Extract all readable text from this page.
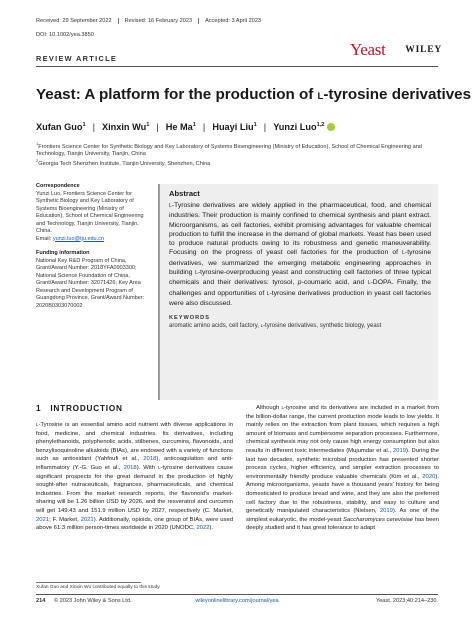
Received: 29 September 2022	Revised: 16 February 2023	Accepted: 3 April 2023
DOI: 10.1002/yea.3850
Yeast WILEY
REVIEW ARTICLE
Yeast: A platform for the production of L-tyrosine derivatives
Xufan Guo$^1$ | Xinxin Wu$^1$ | He Ma$^1$ | Huayi Liu$^1$ | Yunzi Luo$^{1,2}$
$^1$Frontiers Science Center for Synthetic Biology and Key Laboratory of Systems Bioengineering (Ministry of Education), School of Chemical Engineering and Technology, Tianjin University, Tianjin, China
$^2$Georgia Tech Shenzhen Institute, Tianjin University, Shenzhen, China
Correspondence
Yunzi Luo, Frontiers Science Center for Synthetic Biology and Key Laboratory of Systems Bioengineering (Ministry of Education), School of Chemical Engineering and Technology, Tianjin University, Tianjin, China.
Email: yunzi.luo@tju.edu.cn
Funding information
National Key R&D Program of China, Grant/Award Number: 2018YFA0903300; National Science Foundation of China, Grant/Award Number: 32071426; Key Area Research and Development Program of Guangdong Province, Grant/Award Number: 2020B0303070002
Abstract

L-Tyrosine derivatives are widely applied in the pharmaceutical, food, and chemical industries. Their production is mainly confined to chemical synthesis and plant extract. Microorganisms, as cell factories, exhibit promising advantages for valuable chemical production to fulfill the increase in the demand of global markets. Yeast has been used to produce natural products owing to its robustness and genetic maneuverability. Focusing on the progress of yeast cell factories for the production of L-tyrosine derivatives, we summarized the emerging metabolic engineering approaches in building L-tyrosine-overproducing yeast and constructing cell factories of three typical chemicals and their derivatives: tyrosol, p-coumaric acid, and L-DOPA. Finally, the challenges and opportunities of L-tyrosine derivatives production in yeast cell factories were also discussed.

KEYWORDS
aromatic amino acids, cell factory, L-tyrosine derivatives, synthetic biology, yeast
1 INTRODUCTION

L-Tyrosine is an essential amino acid nutrient with diverse applications in food, medicine, and chemical industries. Its derivatives, including phenylethanoids, polyphenolic acids, stilbenes, curcumins, flavonoids, and benzylisoquinoline alkaloids (BIAs), are endowed with a variety of functions such as antioxidant (Yahfoufi et al., 2018), anticoagulation and anti-inflammatory (Y.-G. Guo et al., 2018). With L-tyrosine derivatives cause significant prospects for the great demand in the production of highly sought-after nutraceuticals, fragrances, pharmaceuticals, and chemical industries. From the market research reports, the flavonoid's market-sharing will be 1.26 billion USD by 2026, and the resveratrol and curcumin will get 149.43 and 151.9 million USD by 2027, respectively (C. Market, 2021; F. Market, 2021). Additionally, opioids, one group of BIAs, were used above 61.3 million person-times worldwide in 2020 (UNODC, 2022).

Although L-tyrosine and its derivatives are included in a market from the billion-dollar range, the current production mode leads to low yields. It mainly relies on the extraction from plant tissues, which requires a high amount of biomass and cumbersome separation processes. Furthermore, chemical synthesis may not only cause high energy consumption but also results in different toxic intermediates (Mujumdar et al., 2019). During the last two decades, synthetic microbial production has presented shorter process cycles, higher efficiency, and simpler extraction processes to environmentally friendly produce valuable chemicals (Kim et al., 2020). Among microorganisms, yeasts have a thousand years' history for being domesticated to produce bread and wine, and they are also the preferred cell factory due to the robustness, stability, and easy to culture and genetically manipulated characteristics (Nielsen, 2019). As one of the simplest eukaryotic, the model-yeast Saccharomyces cerevisiae has been deeply studied and it has great tolerance to adapt

Xufan Guo and Xinxin Wu contributed equally to this study.
214 © 2023 John Wiley & Sons Ltd.	wileyonlinelibrary.com/journal/yea	Yeast. 2023;40:214–230.
